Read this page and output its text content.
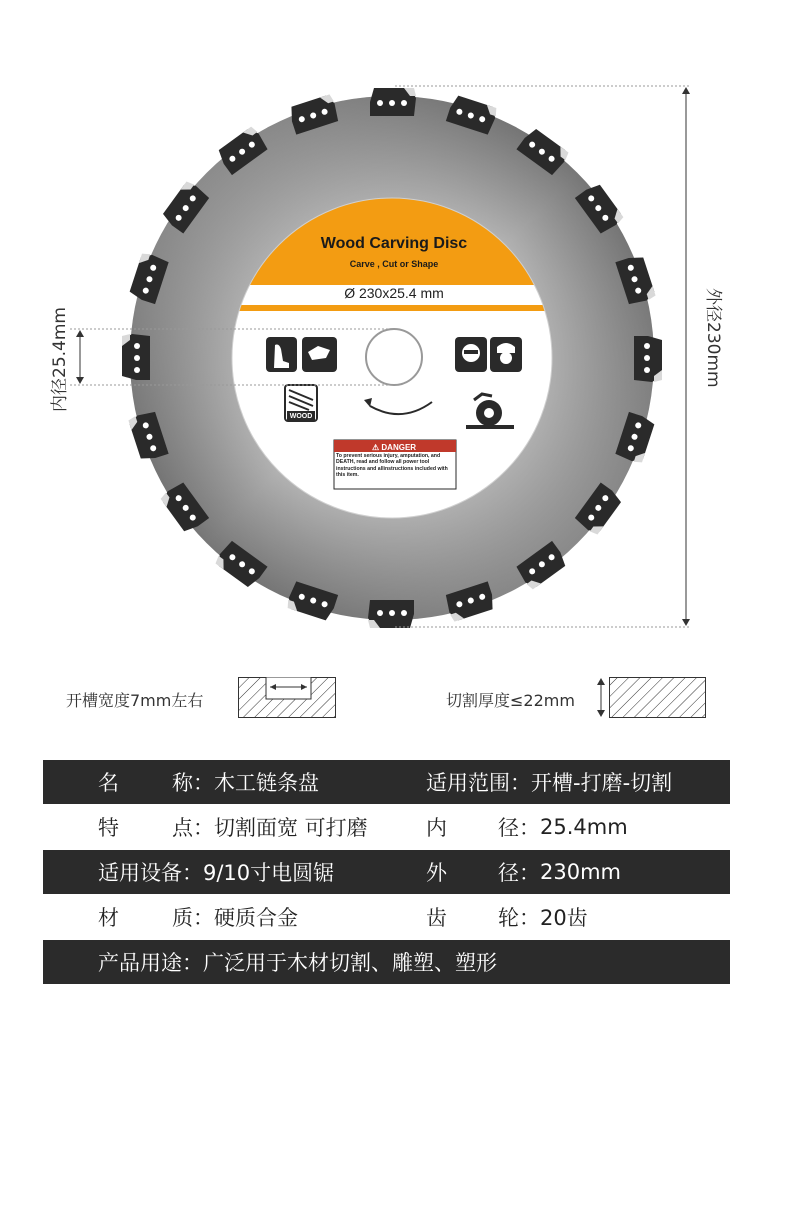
Wood Carving Disc
Carve , Cut or Shape
Ø 230x25.4 mm
WOOD
⚠ DANGER
To prevent serious injury, amputation, and DEATH, read and follow all power tool instructions and allinstructions included with this item.
内径25.4mm	外径230mm
开槽宽度7mm左右	切割厚度≤22mm
名	称 ： 木工链条盘	适用范围 ： 开槽-打磨-切割
特	点 ： 切割面宽 可打磨	内 径 ： 25.4mm
适用设备 ： 9/10寸电圆锯	外 径 ： 230mm
材	质 ： 硬质合金	齿 轮 ： 20齿
产品用途 ： 广泛用于木材切割、雕塑、塑形
